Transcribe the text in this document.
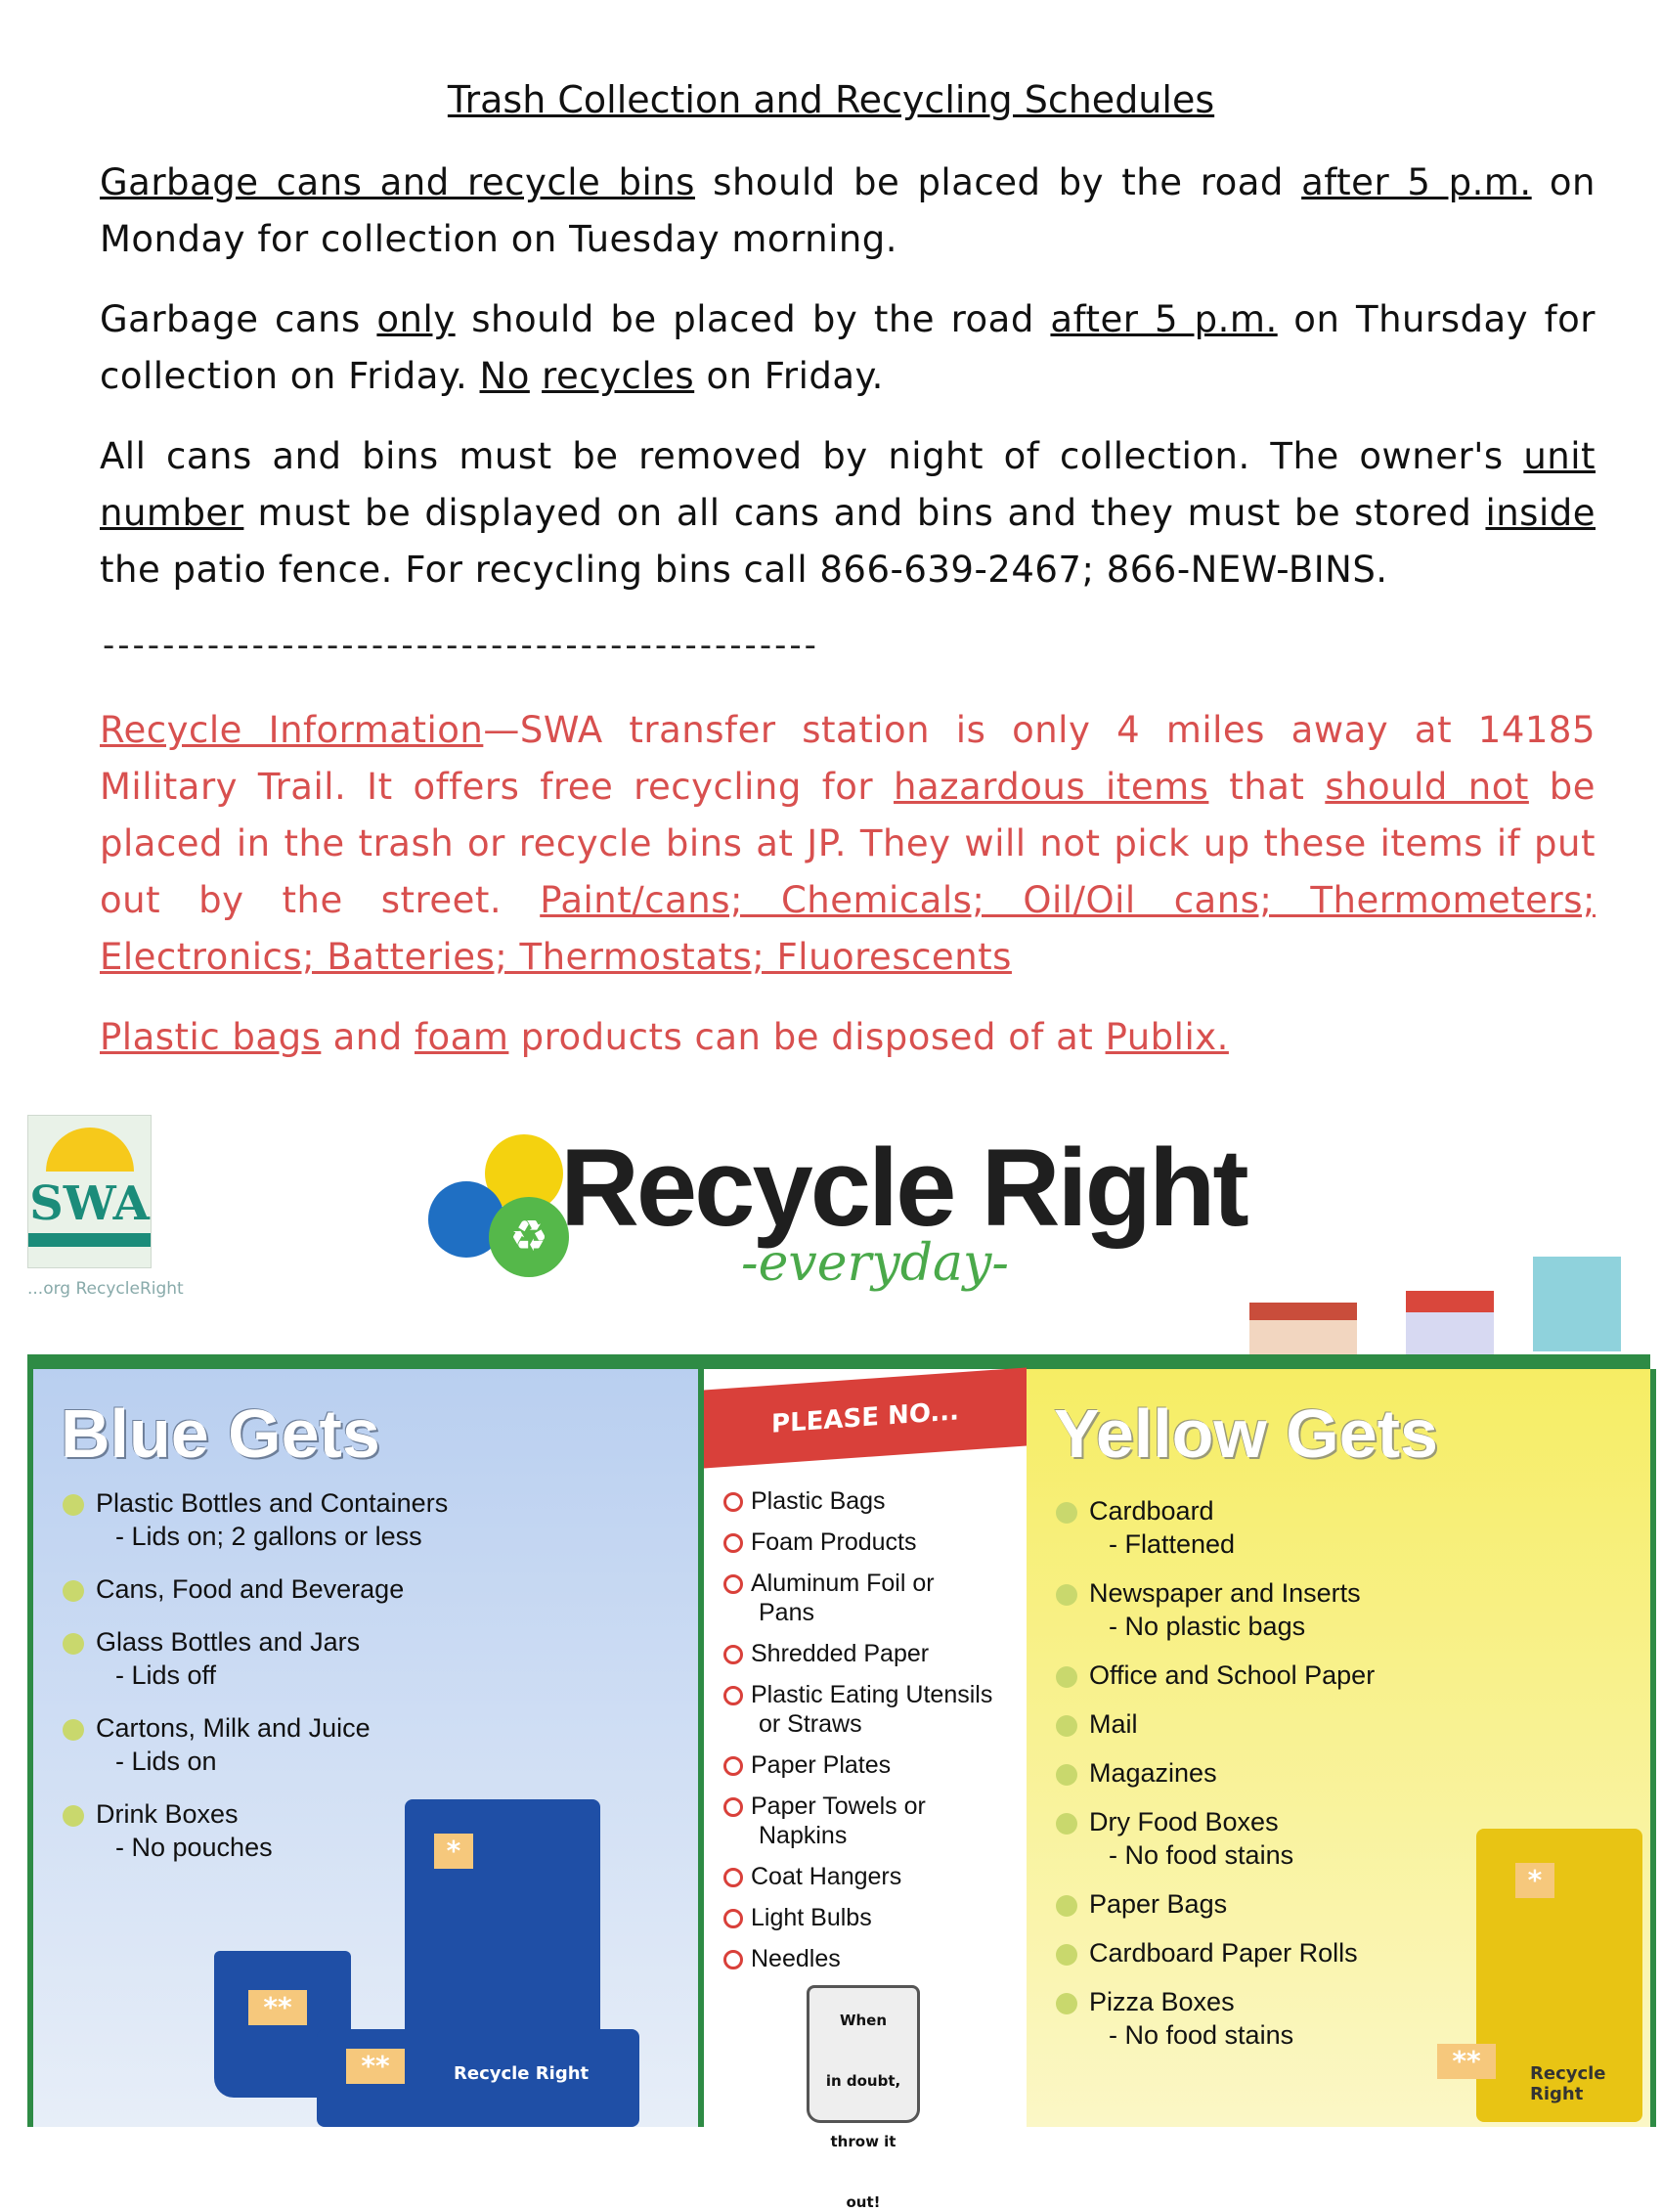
Trash Collection and Recycling Schedules
Garbage cans and recycle bins should be placed by the road after 5 p.m. on Monday for collection on Tuesday morning.
Garbage cans only should be placed by the road after 5 p.m. on Thursday for collection on Friday. No recycles on Friday.
All cans and bins must be removed by night of collection. The owner's unit number must be displayed on all cans and bins and they must be stored inside the patio fence. For recycling bins call 866-639-2467; 866-NEW-BINS.
------------------------------------------------
Recycle Information—SWA transfer station is only 4 miles away at 14185 Military Trail. It offers free recycling for hazardous items that should not be placed in the trash or recycle bins at JP. They will not pick up these items if put out by the street. Paint/cans; Chemicals; Oil/Oil cans; Thermometers; Electronics; Batteries; Thermostats; Fluorescents
Plastic bags and foam products can be disposed of at Publix.
SWA
...org RecycleRight
♻ Recycle Right
-everyday-
Blue Gets
Plastic Bottles and Containers
- Lids on; 2 gallons or less
Cans, Food and Beverage
Glass Bottles and Jars
- Lids off
Cartons, Milk and Juice
- Lids on
Drink Boxes
- No pouches	*
**
**	Recycle Right
PLEASE NO...
Plastic Bags
Foam Products
Aluminum Foil or
Pans
Shredded Paper
Plastic Eating Utensils
or Straws
Paper Plates
Paper Towels or
Napkins
Coat Hangers
Light Bulbs
Needles
When

in doubt,

throw it

out!
Yellow Gets
Cardboard
- Flattened
Newspaper and Inserts
- No plastic bags
Office and School Paper
Mail
Magazines
Dry Food Boxes
- No food stains
Paper Bags
Cardboard Paper Rolls
Pizza Boxes
- No food stains
*
**	Recycle Right
